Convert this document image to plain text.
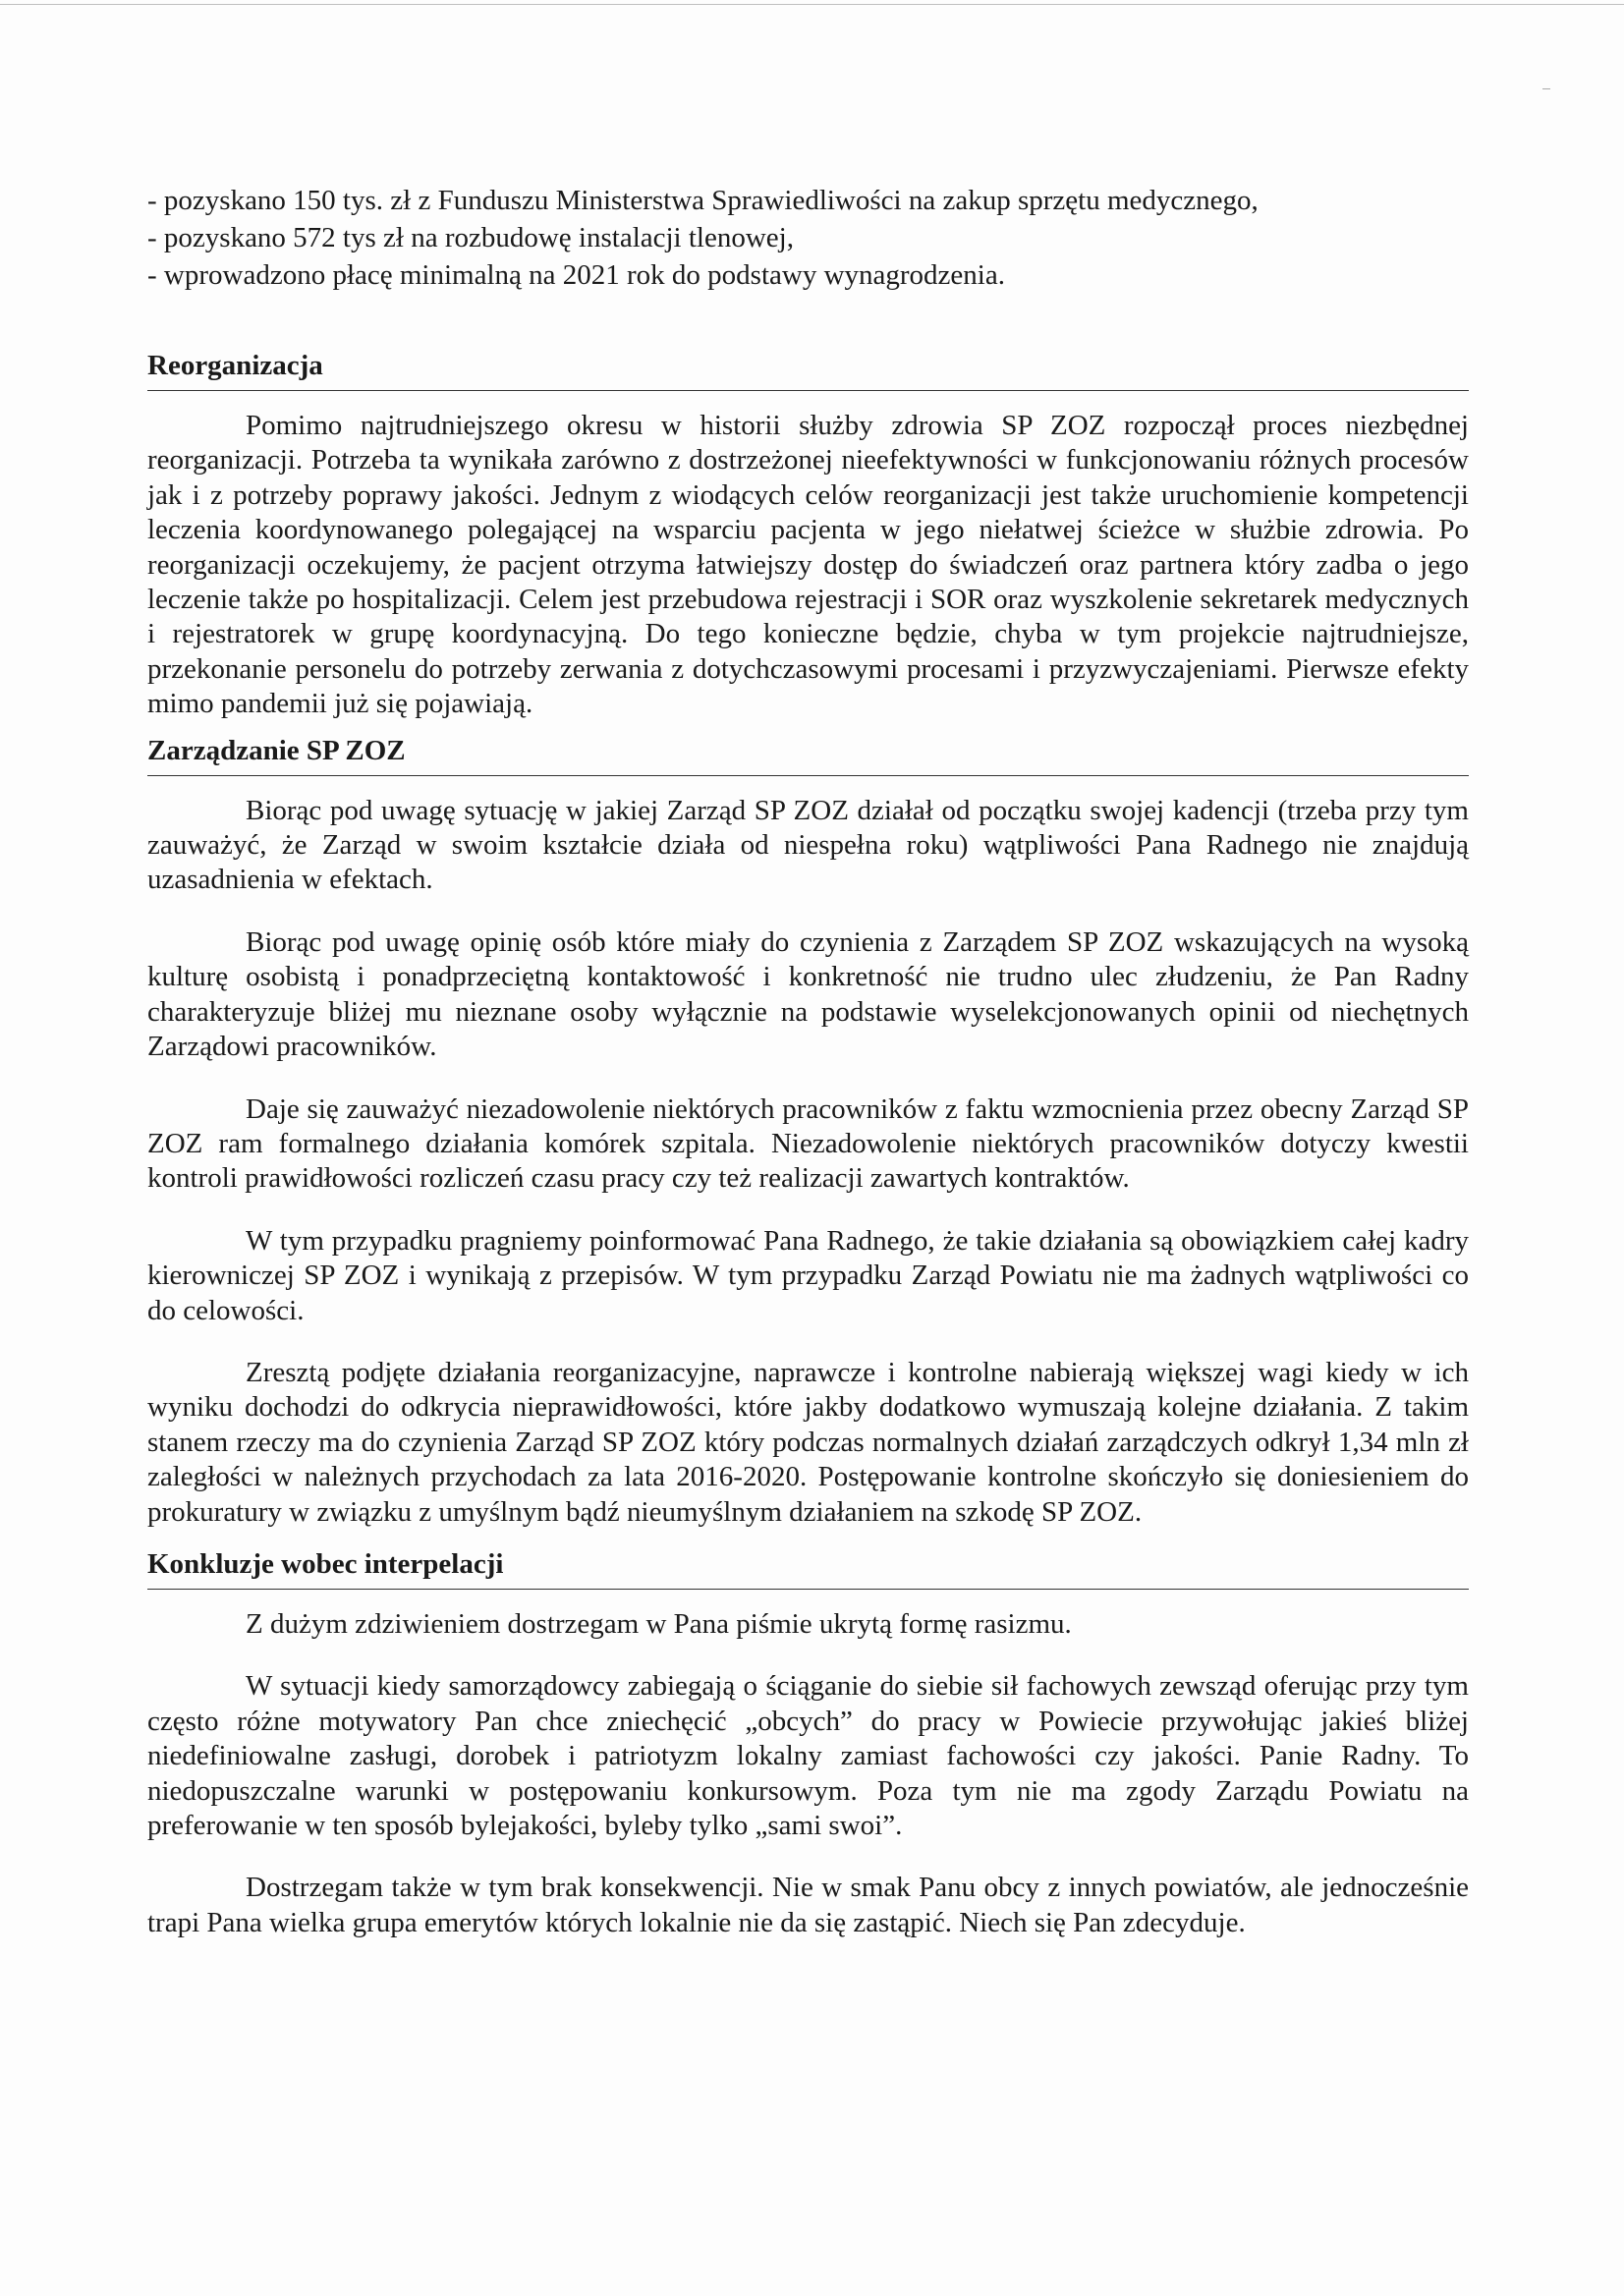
- pozyskano 150 tys. zł z Funduszu Ministerstwa Sprawiedliwości na zakup sprzętu medycznego,
- pozyskano 572 tys zł na rozbudowę instalacji tlenowej,
- wprowadzono płacę minimalną na 2021 rok do podstawy wynagrodzenia.
Reorganizacja

Pomimo najtrudniejszego okresu w historii służby zdrowia SP ZOZ rozpoczął proces niezbędnej reorganizacji. Potrzeba ta wynikała zarówno z dostrzeżonej nieefektywności w funkcjonowaniu różnych procesów jak i z potrzeby poprawy jakości. Jednym z wiodących celów reorganizacji jest także uruchomienie kompetencji leczenia koordynowanego polegającej na wsparciu pacjenta w jego niełatwej ścieżce w służbie zdrowia. Po reorganizacji oczekujemy, że pacjent otrzyma łatwiejszy dostęp do świadczeń oraz partnera który zadba o jego leczenie także po hospitalizacji. Celem jest przebudowa rejestracji i SOR oraz wyszkolenie sekretarek medycznych i rejestratorek w grupę koordynacyjną. Do tego konieczne będzie, chyba w tym projekcie najtrudniejsze, przekonanie personelu do potrzeby zerwania z dotychczasowymi procesami i przyzwyczajeniami. Pierwsze efekty mimo pandemii już się pojawiają.

Zarządzanie SP ZOZ

Biorąc pod uwagę sytuację w jakiej Zarząd SP ZOZ działał od początku swojej kadencji (trzeba przy tym zauważyć, że Zarząd w swoim kształcie działa od niespełna roku) wątpliwości Pana Radnego nie znajdują uzasadnienia w efektach.

Biorąc pod uwagę opinię osób które miały do czynienia z Zarządem SP ZOZ wskazujących na wysoką kulturę osobistą i ponadprzeciętną kontaktowość i konkretność nie trudno ulec złudzeniu, że Pan Radny charakteryzuje bliżej mu nieznane osoby wyłącznie na podstawie wyselekcjonowanych opinii od niechętnych Zarządowi pracowników.

Daje się zauważyć niezadowolenie niektórych pracowników z faktu wzmocnienia przez obecny Zarząd SP ZOZ ram formalnego działania komórek szpitala. Niezadowolenie niektórych pracowników dotyczy kwestii kontroli prawidłowości rozliczeń czasu pracy czy też realizacji zawartych kontraktów.

W tym przypadku pragniemy poinformować Pana Radnego, że takie działania są obowiązkiem całej kadry kierowniczej SP ZOZ i wynikają z przepisów. W tym przypadku Zarząd Powiatu nie ma żadnych wątpliwości co do celowości.

Zresztą podjęte działania reorganizacyjne, naprawcze i kontrolne nabierają większej wagi kiedy w ich wyniku dochodzi do odkrycia nieprawidłowości, które jakby dodatkowo wymuszają kolejne działania. Z takim stanem rzeczy ma do czynienia Zarząd SP ZOZ który podczas normalnych działań zarządczych odkrył 1,34 mln zł zaległości w należnych przychodach za lata 2016-2020. Postępowanie kontrolne skończyło się doniesieniem do prokuratury w związku z umyślnym bądź nieumyślnym działaniem na szkodę SP ZOZ.

Konkluzje wobec interpelacji

Z dużym zdziwieniem dostrzegam w Pana piśmie ukrytą formę rasizmu.

W sytuacji kiedy samorządowcy zabiegają o ściąganie do siebie sił fachowych zewsząd oferując przy tym często różne motywatory Pan chce zniechęcić „obcych” do pracy w Powiecie przywołując jakieś bliżej niedefiniowalne zasługi, dorobek i patriotyzm lokalny zamiast fachowości czy jakości. Panie Radny. To niedopuszczalne warunki w postępowaniu konkursowym. Poza tym nie ma zgody Zarządu Powiatu na preferowanie w ten sposób bylejakości, byleby tylko „sami swoi”.

Dostrzegam także w tym brak konsekwencji. Nie w smak Panu obcy z innych powiatów, ale jednocześnie trapi Pana wielka grupa emerytów których lokalnie nie da się zastąpić. Niech się Pan zdecyduje.
